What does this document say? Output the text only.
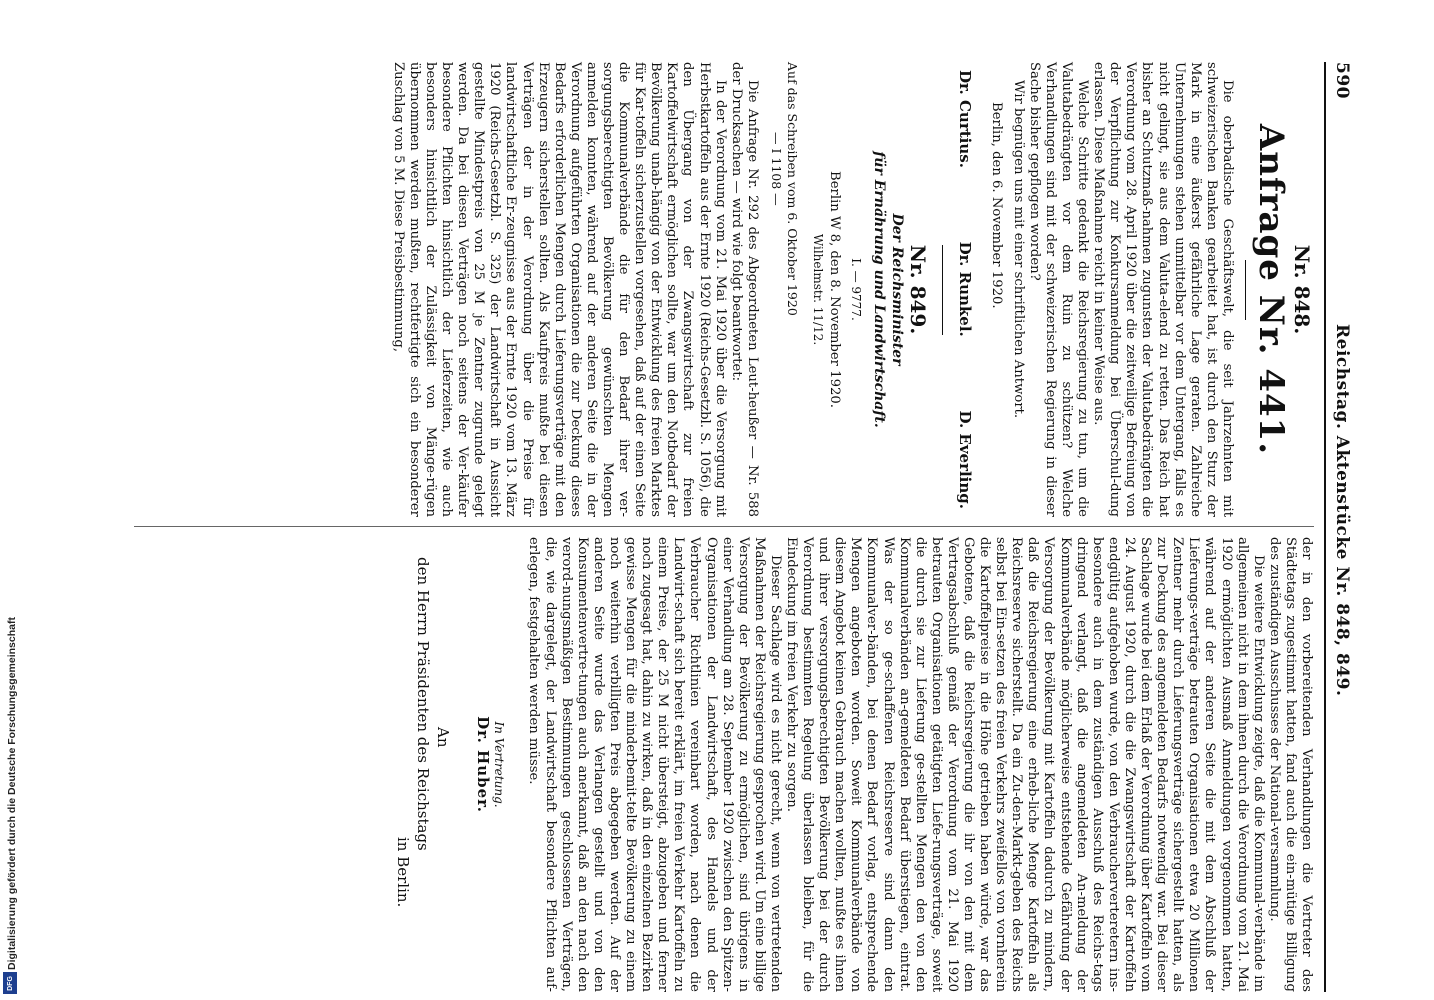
590
Reichstag. Aktenstücke Nr. 848, 849.
Nr. 848.
Anfrage Nr. 441.

Die oberbadische Geschäftswelt, die seit Jahrzehnten mit schweizerischen Banken gearbeitet hat, ist durch den Sturz der Mark in eine äußerst gefährliche Lage geraten. Zahlreiche Unternehmungen stehen unmittelbar vor dem Untergang, falls es nicht gelingt, sie aus dem Valuta-elend zu retten. Das Reich hat bisher an Schutzmaß-nahmen zugunsten der Valutabedrängten die Verordnung vom 28. April 1920 über die zeitweilige Befreiung von der Verpflichtung zur Konkursanmeldung bei Überschul-dung erlassen. Diese Maßnahme reicht in keiner Weise aus.

Welche Schritte gedenkt die Reichsregierung zu tun, um die Valutabedrängten vor dem Ruin zu schützen? Welche Verhandlungen sind mit der schweizerischen Regierung in dieser Sache bisher gepflogen worden?

Wir begnügen uns mit einer schriftlichen Antwort.

Berlin, den 6. November 1920.

Dr. Curtius.
Dr. Runkel.
D. Everling.
Nr. 849.
Der Reichsminister
für Ernährung und Landwirtschaft.
I. — 9777.

Berlin W 8, den 8. November 1920.

Wilhelmstr. 11/12.

Auf das Schreiben vom 6. Oktober 1920

— I 1108 —

Die Anfrage Nr. 292 des Abgeordneten Leut-heußer — Nr. 588 der Drucksachen — wird wie folgt beantwortet:

In der Verordnung vom 21. Mai 1920 über die Versorgung mit Herbstkartoffeln aus der Ernte 1920 (Reichs-Gesetzbl. S. 1056), die den Übergang von der Zwangswirtschaft zur freien Kartoffelwirtschaft ermöglichen sollte, war um den Notbedarf der Bevölkerung unab-hängig von der Entwicklung des freien Marktes für Kar-toffeln sicherzustellen vorgesehen, daß auf der einen Seite die Kommunalverbände die für den Bedarf ihrer ver-sorgungsberechtigten Bevölkerung gewünschten Mengen anmelden konnten, während auf der anderen Seite die in der Verordnung aufgeführten Organisationen die zur Deckung dieses Bedarfs erforderlichen Mengen durch Lieferungsverträge mit den Erzeugern sicherstellen sollten. Als Kaufpreis mußte bei diesen Verträgen der in der Verordnung über die Preise für landwirtschaftliche Er-zeugnisse aus der Ernte 1920 vom 13. März 1920 (Reichs-Gesetzbl. S. 325) der Landwirtschaft in Aussicht gestellte Mindestpreis von 25 M je Zentner zugrunde gelegt werden. Da bei diesen Verträgen noch seitens der Ver-käufer besondere Pflichten hinsichtlich der Lieferzeiten, wie auch besonders hinsichtlich der Zulässigkeit von Mänge-rügen übernommen werden mußten, rechtfertigte sich ein besonderer Zuschlag von 5 M. Diese Preisbestimmung,

der in den vorbereitenden Verhandlungen die Vertreter des Städtetags zugestimmt hatten, fand auch die ein-mütige Billigung des zuständigen Ausschusses der National-versammlung.

Die weitere Entwicklung zeigte, daß die Kommunal-verbände im allgemeinen nicht in dem ihnen durch die Verordnung vom 21. Mai 1920 ermöglichten Ausmaß Anmeldungen vorgenommen hatten, während auf der anderen Seite die mit dem Abschluß der Lieferungs-verträge betrauten Organisationen etwa 20 Millionen Zentner mehr durch Lieferungsverträge sichergestellt hatten, als zur Deckung des angemeldeten Bedarfs notwendig war. Bei dieser Sachlage wurde bei dem Erlaß der Verordnung über Kartoffeln vom 24. August 1920, durch die die Zwangswirtschaft der Kartoffeln endgültig aufgehoben wurde, von den Verbraucherverteretern ins-besondere auch in dem zuständigen Ausschuß des Reichs-tags dringend verlangt, daß die angemeldeten An-meldung der Kommunalverbände möglicherweise entstehende Gefährdung der Versorgung der Bevölkerung mit Kartoffeln dadurch zu mindern, daß die Reichsregierung eine erheb-liche Menge Kartoffeln als Reichsreserve sicherstellt. Da ein Zu-den-Markt-geben des Reichs selbst bei Ein-setzen des freien Verkehrs zweifellos von vornherein die Kartoffelpreise in die Höhe getrieben haben würde, war das Gebotene, daß die Reichsregierung die ihr von den mit dem Vertragsabschluß gemäß der Verordnung vom 21. Mai 1920 betrauten Organisationen getätigten Liefe-rungsverträge, soweit die durch sie zur Lieferung ge-stellten Mengen den von den Kommunalverbänden an-gemeldeten Bedarf überstiegen, eintrat. Was der so ge-schaffenen Reichsreserve sind dann den Kommunalver-bänden, bei denen Bedarf vorlag, entsprechende Mengen angeboten worden. Soweit Kommunalverbände von diesem Angebot keinen Gebrauch machen wollten, mußte es ihnen und ihrer versorgungsberechtigten Bevölkerung bei der durch Verordnung bestimmten Regelung überlassen bleiben, für die Eindeckung im freien Verkehr zu sorgen.

Dieser Sachlage wird es nicht gerecht, wenn von vertretenden Maßnahmen der Reichsregierung gesprochen wird. Um eine billige Versorgung der Bevölkerung zu ermöglichen, sind übrigens in einer Verhandlung am 28. September 1920 zwischen den Spitzen-Organisationen der Landwirtschaft, des Handels und der Verbraucher Richtlinien vereinbart worden, nach denen die Landwirt-schaft sich bereit erklärt, im freien Verkehr Kartoffeln zu einem Preise, der 25 M nicht übersteigt, abzugeben und ferner noch zugesagt hat, dahin zu wirken, daß in den einzelnen Bezirken gewisse Mengen für die minderbemit-telte Bevölkerung zu einem noch weiterhin verbilligten Preis abgegeben werden. Auf der anderen Seite wurde das Verlangen gestellt und von den Konsumentenvertre-tungen auch anerkannt, daß an den nach den verord-nungsmäßigen Bestimmungen geschlossenen Verträgen, die, wie dargelegt, der Landwirtschaft besondere Pflichten auf-erlegen, festgehalten werden müsse.

In Vertretung.
Dr. Huber.

An

den Herrn Präsidenten des Reichstags

in Berlin.

Digitalisierung gefördert durch die Deutsche Forschungsgemeinschaft
DFG
